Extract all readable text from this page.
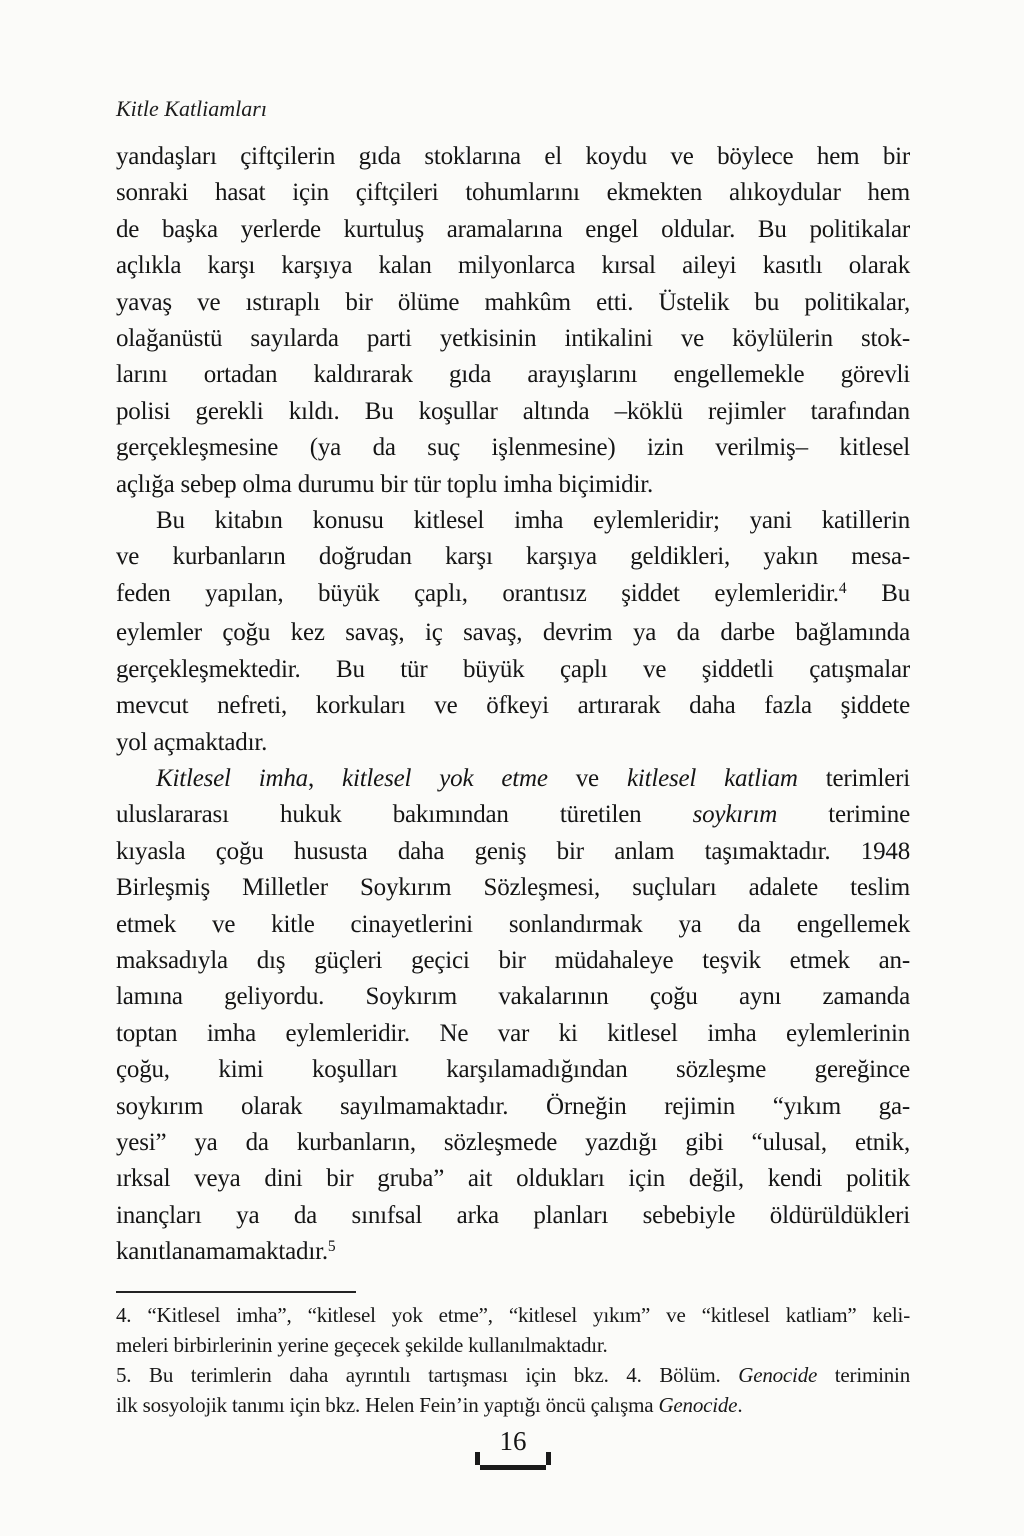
Kitle Katliamları
yandaşları çiftçilerin gıda stoklarına el koydu ve böylece hem bir
sonraki hasat için çiftçileri tohumlarını ekmekten alıkoydular hem
de başka yerlerde kurtuluş aramalarına engel oldular. Bu politikalar
açlıkla karşı karşıya kalan milyonlarca kırsal aileyi kasıtlı olarak
yavaş ve ıstıraplı bir ölüme mahkûm etti. Üstelik bu politikalar,
olağanüstü sayılarda parti yetkisinin intikalini ve köylülerin stok-
larını ortadan kaldırarak gıda arayışlarını engellemekle görevli
polisi gerekli kıldı. Bu koşullar altında –köklü rejimler tarafından
gerçekleşmesine (ya da suç işlenmesine) izin verilmiş– kitlesel
açlığa sebep olma durumu bir tür toplu imha biçimidir.
Bu kitabın konusu kitlesel imha eylemleridir; yani katillerin
ve kurbanların doğrudan karşı karşıya geldikleri, yakın mesa-
feden yapılan, büyük çaplı, orantısız şiddet eylemleridir.$^4$ Bu
eylemler çoğu kez savaş, iç savaş, devrim ya da darbe bağlamında
gerçekleşmektedir. Bu tür büyük çaplı ve şiddetli çatışmalar
mevcut nefreti, korkuları ve öfkeyi artırarak daha fazla şiddete
yol açmaktadır.
Kitlesel imha, kitlesel yok etme ve kitlesel katliam terimleri
uluslararası hukuk bakımından türetilen soykırım terimine
kıyasla çoğu hususta daha geniş bir anlam taşımaktadır. 1948
Birleşmiş Milletler Soykırım Sözleşmesi, suçluları adalete teslim
etmek ve kitle cinayetlerini sonlandırmak ya da engellemek
maksadıyla dış güçleri geçici bir müdahaleye teşvik etmek an-
lamına geliyordu. Soykırım vakalarının çoğu aynı zamanda
toptan imha eylemleridir. Ne var ki kitlesel imha eylemlerinin
çoğu, kimi koşulları karşılamadığından sözleşme gereğince
soykırım olarak sayılmamaktadır. Örneğin rejimin “yıkım ga-
yesi” ya da kurbanların, sözleşmede yazdığı gibi “ulusal, etnik,
ırksal veya dini bir gruba” ait oldukları için değil, kendi politik
inançları ya da sınıfsal arka planları sebebiyle öldürüldükleri
kanıtlanamamaktadır.$^5$
4. “Kitlesel imha”, “kitlesel yok etme”, “kitlesel yıkım” ve “kitlesel katliam” keli-
meleri birbirlerinin yerine geçecek şekilde kullanılmaktadır.
5. Bu terimlerin daha ayrıntılı tartışması için bkz. 4. Bölüm. Genocide teriminin
ilk sosyolojik tanımı için bkz. Helen Fein’in yaptığı öncü çalışma Genocide.
16
